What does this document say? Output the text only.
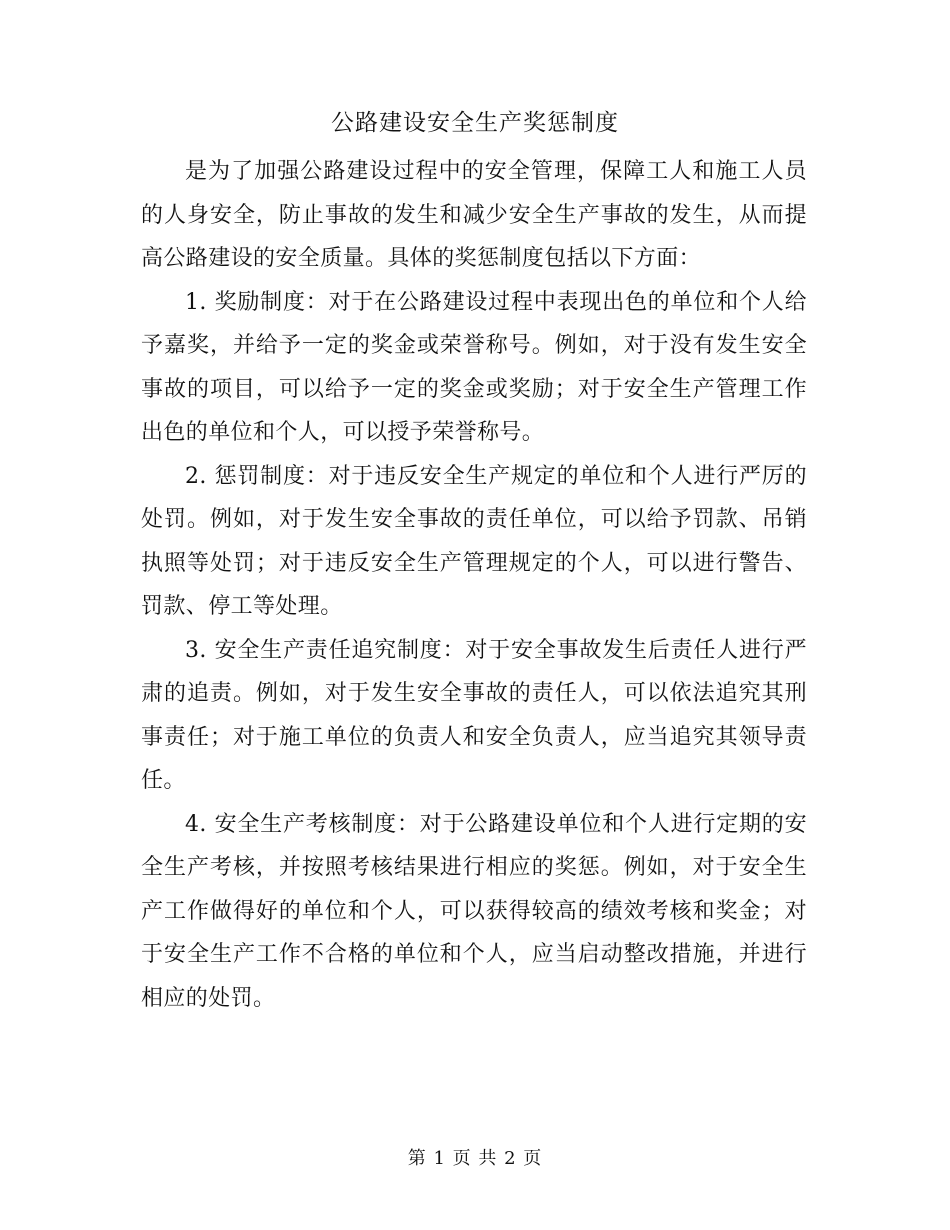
公路建设安全生产奖惩制度

是为了加强公路建设过程中的安全管理，保障工人和施工人员的人身安全，防止事故的发生和减少安全生产事故的发生，从而提高公路建设的安全质量。具体的奖惩制度包括以下方面：

1. 奖励制度：对于在公路建设过程中表现出色的单位和个人给予嘉奖，并给予一定的奖金或荣誉称号。例如，对于没有发生安全事故的项目，可以给予一定的奖金或奖励；对于安全生产管理工作出色的单位和个人，可以授予荣誉称号。

2. 惩罚制度：对于违反安全生产规定的单位和个人进行严厉的处罚。例如，对于发生安全事故的责任单位，可以给予罚款、吊销执照等处罚；对于违反安全生产管理规定的个人，可以进行警告、罚款、停工等处理。

3. 安全生产责任追究制度：对于安全事故发生后责任人进行严肃的追责。例如，对于发生安全事故的责任人，可以依法追究其刑事责任；对于施工单位的负责人和安全负责人，应当追究其领导责任。

4. 安全生产考核制度：对于公路建设单位和个人进行定期的安全生产考核，并按照考核结果进行相应的奖惩。例如，对于安全生产工作做得好的单位和个人，可以获得较高的绩效考核和奖金；对于安全生产工作不合格的单位和个人，应当启动整改措施，并进行相应的处罚。

第 1 页 共 2 页
